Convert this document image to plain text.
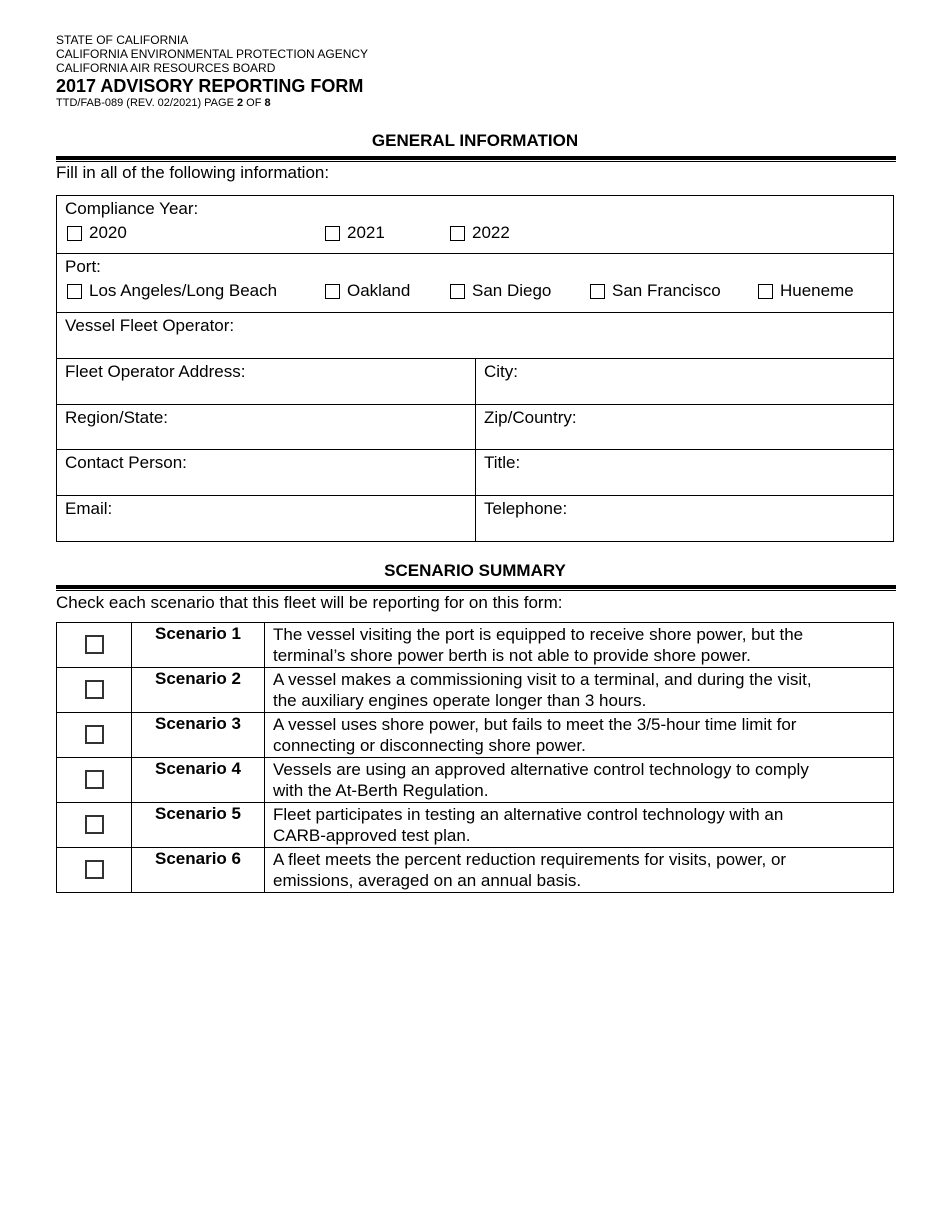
STATE OF CALIFORNIA
CALIFORNIA ENVIRONMENTAL PROTECTION AGENCY
CALIFORNIA AIR RESOURCES BOARD
2017 ADVISORY REPORTING FORM
TTD/FAB-089 (REV. 02/2021) PAGE 2 OF 8
GENERAL INFORMATION
Fill in all of the following information:
Compliance Year:
2020	2021	2022
Port:
Los Angeles/Long Beach	Oakland	San Diego	San Francisco	Hueneme
Vessel Fleet Operator:
Fleet Operator Address:	City:
Region/State:	Zip/Country:
Contact Person:	Title:
Email:	Telephone:
SCENARIO SUMMARY
Check each scenario that this fleet will be reporting for on this form:
	Scenario 1	The vessel visiting the port is equipped to receive shore power, but the
terminal’s shore power berth is not able to provide shore power.

	Scenario 2	A vessel makes a commissioning visit to a terminal, and during the visit,
the auxiliary engines operate longer than 3 hours.

	Scenario 3	A vessel uses shore power, but fails to meet the 3/5-hour time limit for
connecting or disconnecting shore power.

	Scenario 4	Vessels are using an approved alternative control technology to comply
with the At-Berth Regulation.

	Scenario 5	Fleet participates in testing an alternative control technology with an
CARB-approved test plan.

	Scenario 6	A fleet meets the percent reduction requirements for visits, power, or
emissions, averaged on an annual basis.
